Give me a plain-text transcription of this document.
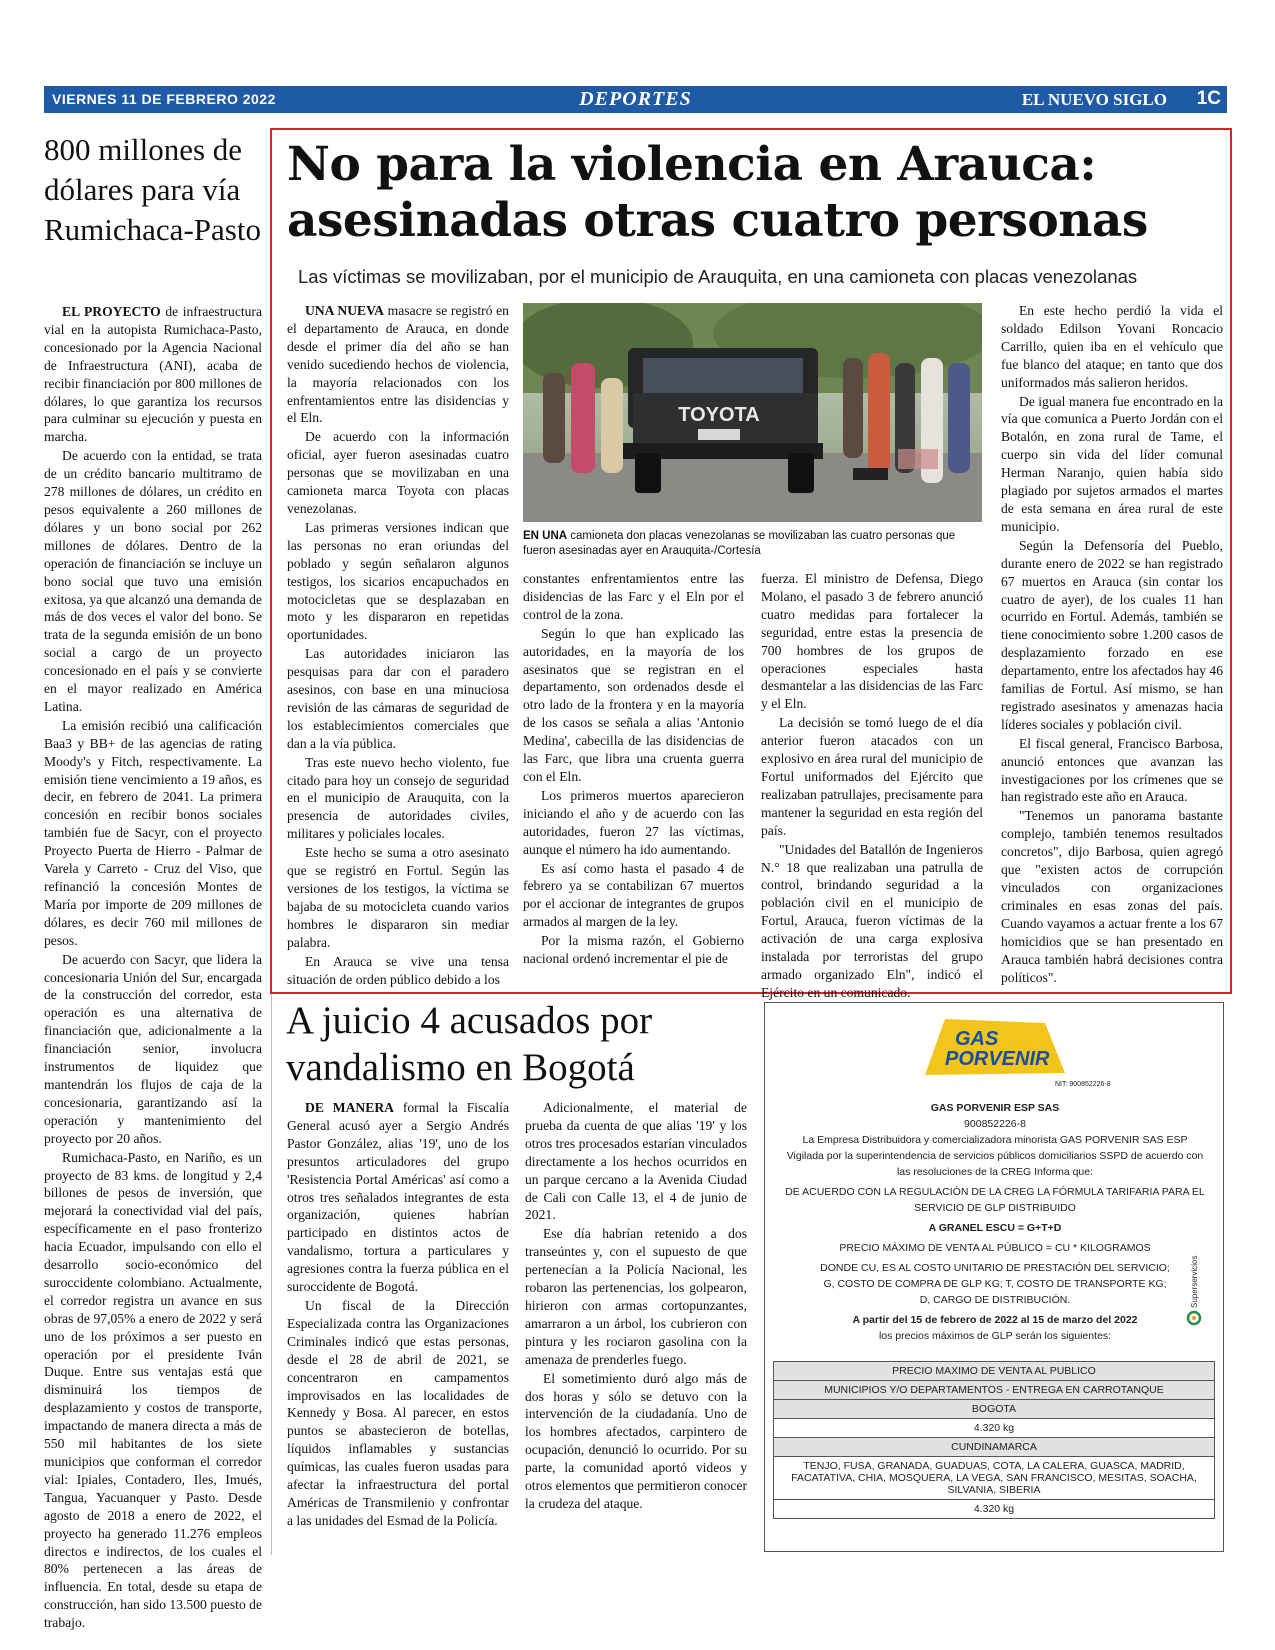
VIERNES 11 DE FEBRERO 2022	DEPORTES	EL NUEVO SIGLO 1C
800 millones de dólares para vía Rumichaca-Pasto

EL PROYECTO de infraestructura vial en la autopista Rumichaca-Pasto, concesionado por la Agencia Nacional de Infraestructura (ANI), acaba de recibir financiación por 800 millones de dólares, lo que garantiza los recursos para culminar su ejecución y puesta en marcha.

De acuerdo con la entidad, se trata de un crédito bancario multitramo de 278 millones de dólares, un crédito en pesos equivalente a 260 millones de dólares y un bono social por 262 millones de dólares. Dentro de la operación de financiación se incluye un bono social que tuvo una emisión exitosa, ya que alcanzó una demanda de más de dos veces el valor del bono. Se trata de la segunda emisión de un bono social a cargo de un proyecto concesionado en el país y se convierte en el mayor realizado en América Latina.

La emisión recibió una calificación Baa3 y BB+ de las agencias de rating Moody's y Fitch, respectivamente. La emisión tiene vencimiento a 19 años, es decir, en febrero de 2041. La primera concesión en recibir bonos sociales también fue de Sacyr, con el proyecto Proyecto Puerta de Hierro - Palmar de Varela y Carreto - Cruz del Viso, que refinanció la concesión Montes de María por importe de 209 millones de dólares, es decir 760 mil millones de pesos.

De acuerdo con Sacyr, que lidera la concesionaria Unión del Sur, encargada de la construcción del corredor, esta operación es una alternativa de financiación que, adicionalmente a la financiación senior, involucra instrumentos de liquidez que mantendrán los flujos de caja de la concesionaria, garantizando así la operación y mantenimiento del proyecto por 20 años.

Rumichaca-Pasto, en Nariño, es un proyecto de 83 kms. de longitud y 2,4 billones de pesos de inversión, que mejorará la conectividad vial del país, específicamente en el paso fronterizo hacia Ecuador, impulsando con ello el desarrollo socio-económico del suroccidente colombiano. Actualmente, el corredor registra un avance en sus obras de 97,05% a enero de 2022 y será uno de los próximos a ser puesto en operación por el presidente Iván Duque. Entre sus ventajas está que disminuirá los tiempos de desplazamiento y costos de transporte, impactando de manera directa a más de 550 mil habitantes de los siete municipios que conforman el corredor vial: Ipiales, Contadero, Iles, Imués, Tangua, Yacuanquer y Pasto. Desde agosto de 2018 a enero de 2022, el proyecto ha generado 11.276 empleos directos e indirectos, de los cuales el 80% pertenecen a las áreas de influencia. En total, desde su etapa de construcción, han sido 13.500 puesto de trabajo.

No para la violencia en Arauca: asesinadas otras cuatro personas
Las víctimas se movilizaban, por el municipio de Arauquita, en una camioneta con placas venezolanas

UNA NUEVA masacre se registró en el departamento de Arauca, en donde desde el primer día del año se han venido sucediendo hechos de violencia, la mayoría relacionados con los enfrentamientos entre las disidencias y el Eln.

De acuerdo con la información oficial, ayer fueron asesinadas cuatro personas que se movilizaban en una camioneta marca Toyota con placas venezolanas.

Las primeras versiones indican que las personas no eran oriundas del poblado y según señalaron algunos testigos, los sicarios encapuchados en motocicletas que se desplazaban en moto y les dispararon en repetidas oportunidades.

Las autoridades iniciaron las pesquisas para dar con el paradero asesinos, con base en una minuciosa revisión de las cámaras de seguridad de los establecimientos comerciales que dan a la vía pública.

Tras este nuevo hecho violento, fue citado para hoy un consejo de seguridad en el municipio de Arauquita, con la presencia de autoridades civiles, militares y policiales locales.

Este hecho se suma a otro asesinato que se registró en Fortul. Según las versiones de los testigos, la víctima se bajaba de su motocicleta cuando varios hombres le dispararon sin mediar palabra.

En Arauca se vive una tensa situación de orden público debido a los

TOYOTA
EN UNA camioneta don placas venezolanas se movilizaban las cuatro personas que fueron asesinadas ayer en Arauquita-/Cortesía

constantes enfrentamientos entre las disidencias de las Farc y el Eln por el control de la zona.

Según lo que han explicado las autoridades, en la mayoría de los asesinatos que se registran en el departamento, son ordenados desde el otro lado de la frontera y en la mayoría de los casos se señala a alias 'Antonio Medina', cabecilla de las disidencias de las Farc, que libra una cruenta guerra con el Eln.

Los primeros muertos aparecieron iniciando el año y de acuerdo con las autoridades, fueron 27 las víctimas, aunque el número ha ido aumentando.

Es así como hasta el pasado 4 de febrero ya se contabilizan 67 muertos por el accionar de integrantes de grupos armados al margen de la ley.

Por la misma razón, el Gobierno nacional ordenó incrementar el pie de

fuerza. El ministro de Defensa, Diego Molano, el pasado 3 de febrero anunció cuatro medidas para fortalecer la seguridad, entre estas la presencia de 700 hombres de los grupos de operaciones especiales hasta desmantelar a las disidencias de las Farc y el Eln.

La decisión se tomó luego de el día anterior fueron atacados con un explosivo en área rural del municipio de Fortul uniformados del Ejército que realizaban patrullajes, precisamente para mantener la seguridad en esta región del país.

"Unidades del Batallón de Ingenieros N.° 18 que realizaban una patrulla de control, brindando seguridad a la población civil en el municipio de Fortul, Arauca, fueron víctimas de la activación de una carga explosiva instalada por terroristas del grupo armado organizado Eln", indicó el Ejército en un comunicado.

En este hecho perdió la vida el soldado Edilson Yovani Roncacio Carrillo, quien iba en el vehículo que fue blanco del ataque; en tanto que dos uniformados más salieron heridos.

De igual manera fue encontrado en la vía que comunica a Puerto Jordán con el Botalón, en zona rural de Tame, el cuerpo sin vida del líder comunal Herman Naranjo, quien había sido plagiado por sujetos armados el martes de esta semana en área rural de este municipio.

Según la Defensoría del Pueblo, durante enero de 2022 se han registrado 67 muertos en Arauca (sin contar los cuatro de ayer), de los cuales 11 han ocurrido en Fortul. Además, también se tiene conocimiento sobre 1.200 casos de desplazamiento forzado en ese departamento, entre los afectados hay 46 familias de Fortul. Así mismo, se han registrado asesinatos y amenazas hacia líderes sociales y población civil.

El fiscal general, Francisco Barbosa, anunció entonces que avanzan las investigaciones por los crímenes que se han registrado este año en Arauca.

"Tenemos un panorama bastante complejo, también tenemos resultados concretos", dijo Barbosa, quien agregó que "existen actos de corrupción vinculados con organizaciones criminales en esas zonas del país. Cuando vayamos a actuar frente a los 67 homicidios que se han presentado en Arauca también habrá decisiones contra políticos".

A juicio 4 acusados por vandalismo en Bogotá

DE MANERA formal la Fiscalía General acusó ayer a Sergio Andrés Pastor González, alias '19', uno de los presuntos articuladores del grupo 'Resistencia Portal Américas' así como a otros tres señalados integrantes de esta organización, quienes habrían participado en distintos actos de vandalismo, tortura a particulares y agresiones contra la fuerza pública en el suroccidente de Bogotá.

Un fiscal de la Dirección Especializada contra las Organizaciones Criminales indicó que estas personas, desde el 28 de abril de 2021, se concentraron en campamentos improvisados en las localidades de Kennedy y Bosa. Al parecer, en estos puntos se abastecieron de botellas, líquidos inflamables y sustancias químicas, las cuales fueron usadas para afectar la infraestructura del portal Américas de Transmilenio y confrontar a las unidades del Esmad de la Policía.

Adicionalmente, el material de prueba da cuenta de que alias '19' y los otros tres procesados estarían vinculados directamente a los hechos ocurridos en un parque cercano a la Avenida Ciudad de Cali con Calle 13, el 4 de junio de 2021.

Ese día habrían retenido a dos transeúntes y, con el supuesto de que pertenecían a la Policía Nacional, les robaron las pertenencias, los golpearon, hirieron con armas cortopunzantes, amarraron a un árbol, los cubrieron con pintura y les rociaron gasolina con la amenaza de prenderles fuego.

El sometimiento duró algo más de dos horas y sólo se detuvo con la intervención de la ciudadanía. Uno de los hombres afectados, carpintero de ocupación, denunció lo ocurrido. Por su parte, la comunidad aportó videos y otros elementos que permitieron conocer la crudeza del ataque.

GAS
PORVENIR
NIT: 900852226-8
GAS PORVENIR ESP SAS
900852226-8
La Empresa Distribuidora y comercializadora minorista GAS PORVENIR SAS ESP
Vigilada por la superintendencia de servicios públicos domiciliarios SSPD de acuerdo con
las resoluciones de la CREG Informa que:
DE ACUERDO CON LA REGULACIÓN DE LA CREG LA FÓRMULA TARIFARIA PARA EL
SERVICIO DE GLP DISTRIBUIDO
A GRANEL ESCU = G+T+D
PRECIO MÁXIMO DE VENTA AL PÚBLICO = CU * KILOGRAMOS
DONDE CU, ES AL COSTO UNITARIO DE PRESTACIÓN DEL SERVICIO;
G, COSTO DE COMPRA DE GLP KG; T, COSTO DE TRANSPORTE KG;
D, CARGO DE DISTRIBUCIÓN.
A partir del 15 de febrero de 2022 al 15 de marzo del 2022
los precios máximos de GLP serán los siguientes:
Superservicios
PRECIO MAXIMO DE VENTA AL PUBLICO
MUNICIPIOS Y/O DEPARTAMENTOS - ENTREGA EN CARROTANQUE
BOGOTA
4.320 kg
CUNDINAMARCA
TENJO, FUSA, GRANADA, GUADUAS, COTA, LA CALERA, GUASCA, MADRID, FACATATIVA, CHIA, MOSQUERA, LA VEGA, SAN FRANCISCO, MESITAS, SOACHA, SILVANIA, SIBERIA
4.320 kg
